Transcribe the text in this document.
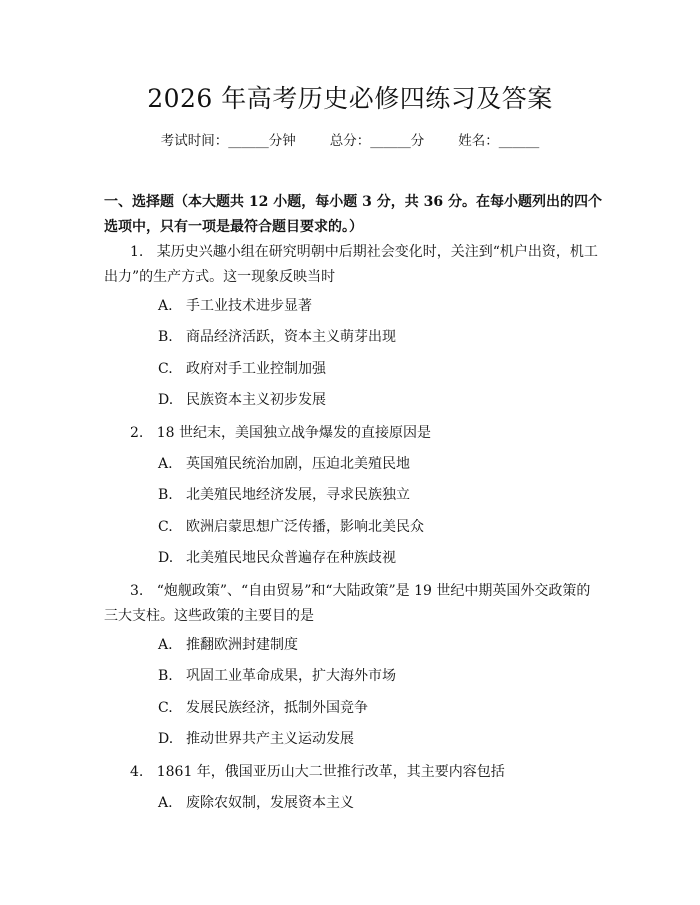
2026 年高考历史必修四练习及答案
考试时间：______分钟	总分：______分	姓名：______
一、选择题（本大题共 12 小题，每小题 3 分，共 36 分。在每小题列出的四个选项中，只有一项是最符合题目要求的。）
1. 某历史兴趣小组在研究明朝中后期社会变化时，关注到“机户出资，机工出力”的生产方式。这一现象反映当时
A. 手工业技术进步显著
B. 商品经济活跃，资本主义萌芽出现
C. 政府对手工业控制加强
D. 民族资本主义初步发展
2. 18 世纪末，美国独立战争爆发的直接原因是
A. 英国殖民统治加剧，压迫北美殖民地
B. 北美殖民地经济发展，寻求民族独立
C. 欧洲启蒙思想广泛传播，影响北美民众
D. 北美殖民地民众普遍存在种族歧视
3. “炮舰政策”、“自由贸易”和“大陆政策”是 19 世纪中期英国外交政策的三大支柱。这些政策的主要目的是
A. 推翻欧洲封建制度
B. 巩固工业革命成果，扩大海外市场
C. 发展民族经济，抵制外国竞争
D. 推动世界共产主义运动发展
4. 1861 年，俄国亚历山大二世推行改革，其主要内容包括
A. 废除农奴制，发展资本主义
